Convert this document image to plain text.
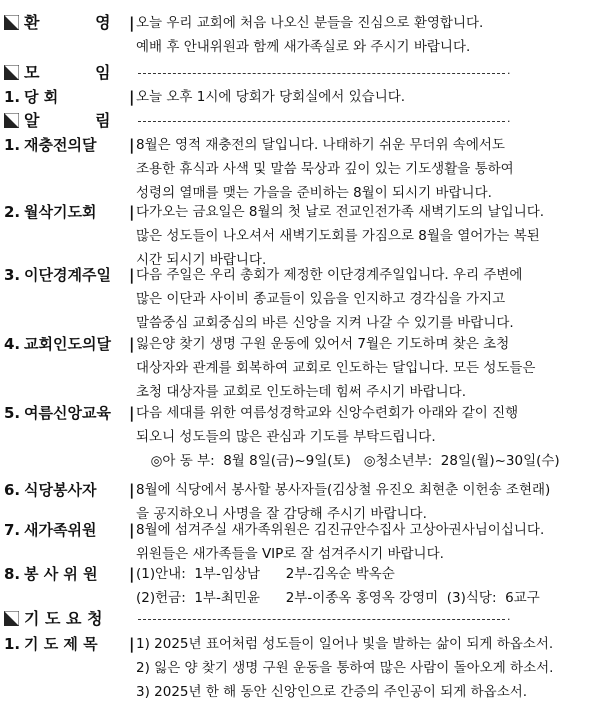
환          영 | 오늘 우리 교회에 처음 나오신 분들을 진심으로 환영합니다.
예배 후 안내위원과 함께 새가족실로 와 주시기 바랍니다.
모          임	·
1. 당 회	| 오늘 오후 1시에 당회가 당회실에서 있습니다.
알          림	·
1. 재충전의달	| 8월은 영적 재충전의 달입니다. 나태하기 쉬운 무더위 속에서도
조용한 휴식과 사색 및 말씀 묵상과 깊이 있는 기도생활을 통하여
성령의 열매를 맺는 가을을 준비하는 8월이 되시기 바랍니다.
2. 월삭기도회	| 다가오는 금요일은 8월의 첫 날로 전교인전가족 새벽기도의 날입니다.
많은 성도들이 나오셔서 새벽기도회를 가짐으로 8월을 열어가는 복된
시간 되시기 바랍니다.
3. 이단경계주일	| 다음 주일은 우리 총회가 제정한 이단경계주일입니다. 우리 주변에
많은 이단과 사이비 종교들이 있음을 인지하고 경각심을 가지고
말씀중심 교회중심의 바른 신앙을 지켜 나갈 수 있기를 바랍니다.
4. 교회인도의달	| 잃은양 찾기 생명 구원 운동에 있어서 7월은 기도하며 찾은 초청
대상자와 관계를 회복하여 교회로 인도하는 달입니다. 모든 성도들은
초청 대상자를 교회로 인도하는데 힘써 주시기 바랍니다.
5. 여름신앙교육	| 다음 세대를 위한 여름성경학교와 신앙수련회가 아래와 같이 진행
되오니 성도들의 많은 관심과 기도를 부탁드립니다.
◎아 동 부:  8월 8일(금)~9일(토)   ◎청소년부:  28일(월)~30일(수)
6. 식당봉사자	| 8월에 식당에서 봉사할 봉사자들(김상철 유진오 최현춘 이헌송 조현래)
을 공지하오니 사명을 잘 감당해 주시기 바랍니다.
7. 새가족위원	| 8월에 섬겨주실 새가족위원은 김진규안수집사 고상아권사님이십니다.
위원들은 새가족들을 VIP로 잘 섬겨주시기 바랍니다.
8. 봉 사 위 원	| (1)안내:  1부-임상남      2부-김옥순 박옥순
(2)헌금:  1부-최민윤      2부-이종옥 홍영옥 강영미  (3)식당:  6교구
기 도 요 청	·
1. 기 도 제 목	| 1) 2025년 표어처럼 성도들이 일어나 빛을 발하는 삶이 되게 하옵소서.
2) 잃은 양 찾기 생명 구원 운동을 통하여 많은 사람이 돌아오게 하소서.
3) 2025년 한 해 동안 신앙인으로 간증의 주인공이 되게 하옵소서.
